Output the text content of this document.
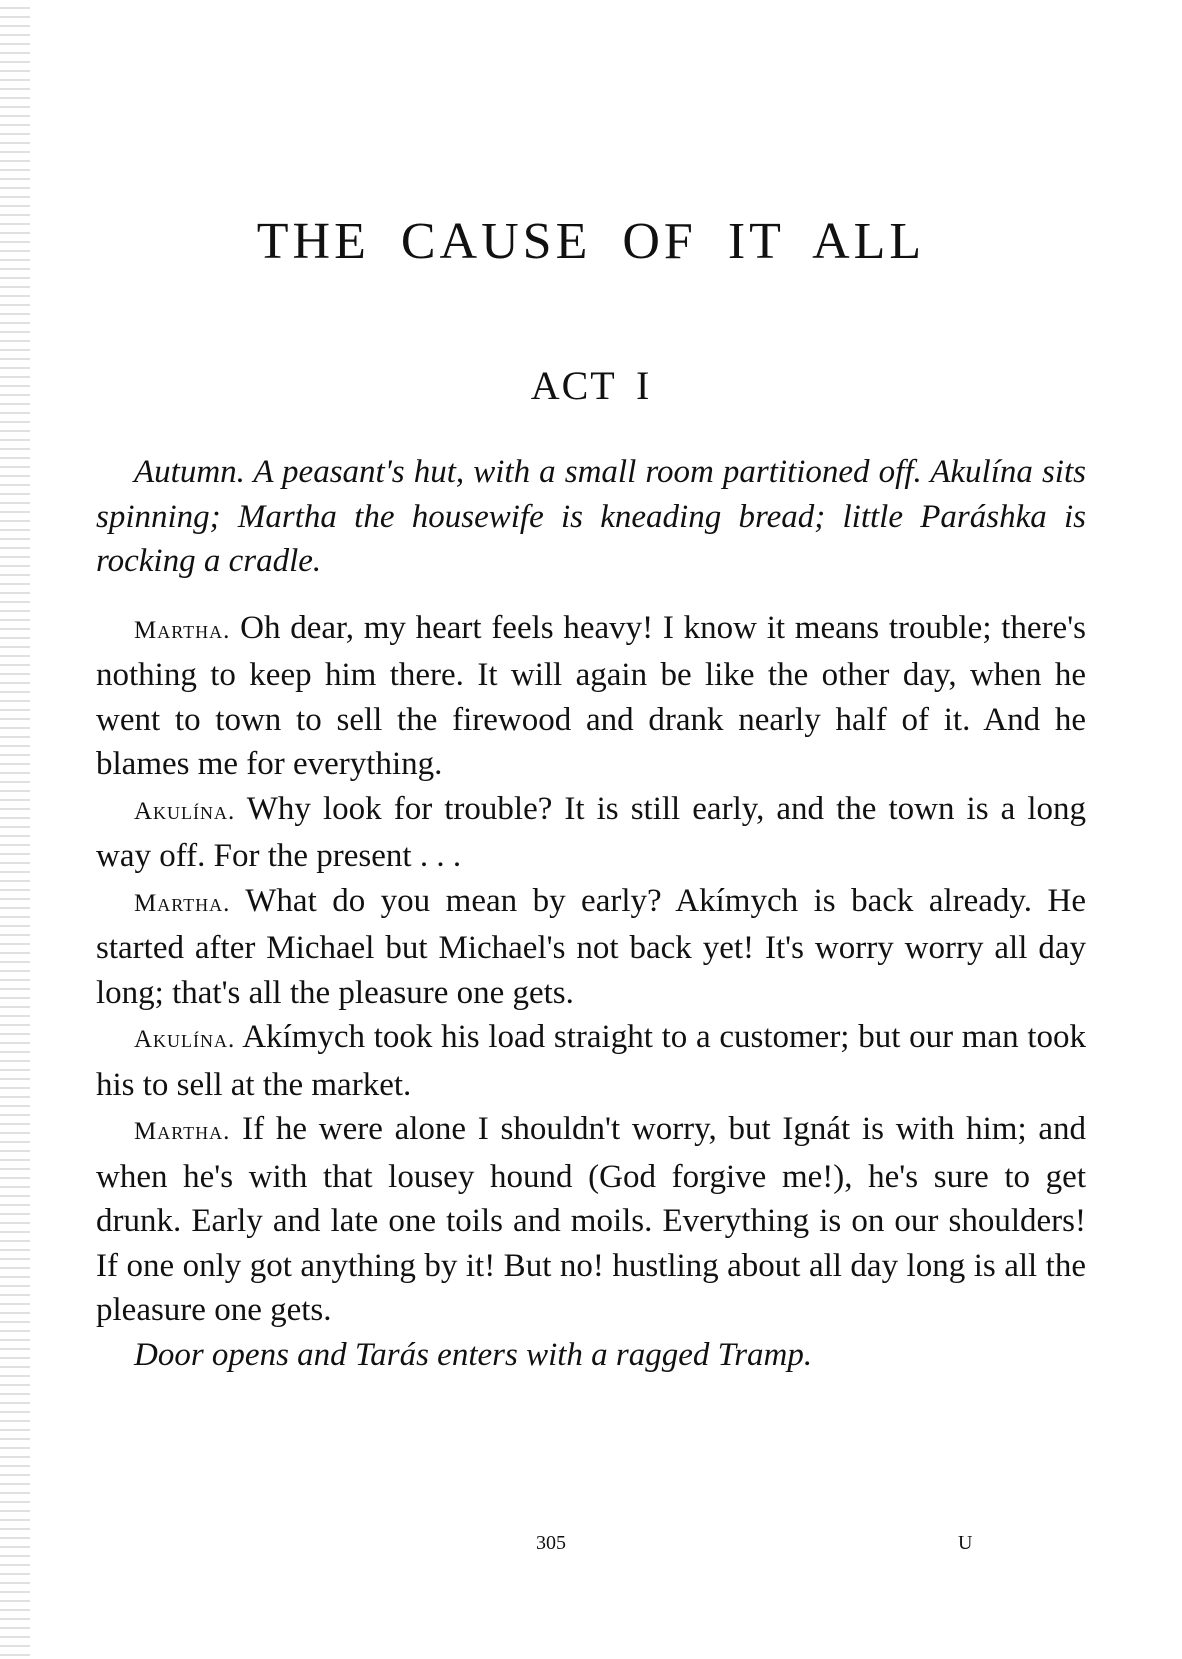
THE CAUSE OF IT ALL
ACT I

Autumn. A peasant's hut, with a small room partitioned off. Akulína sits spinning; Martha the housewife is kneading bread; little Paráshka is rocking a cradle.

Martha. Oh dear, my heart feels heavy! I know it means trouble; there's nothing to keep him there. It will again be like the other day, when he went to town to sell the firewood and drank nearly half of it. And he blames me for everything.

Akulína. Why look for trouble? It is still early, and the town is a long way off. For the present . . .

Martha. What do you mean by early? Akímych is back already. He started after Michael but Michael's not back yet! It's worry worry all day long; that's all the pleasure one gets.

Akulína. Akímych took his load straight to a customer; but our man took his to sell at the market.

Martha. If he were alone I shouldn't worry, but Ignát is with him; and when he's with that lousey hound (God forgive me!), he's sure to get drunk. Early and late one toils and moils. Everything is on our shoulders! If one only got anything by it! But no! hustling about all day long is all the pleasure one gets.

Door opens and Tarás enters with a ragged Tramp.

305	U
